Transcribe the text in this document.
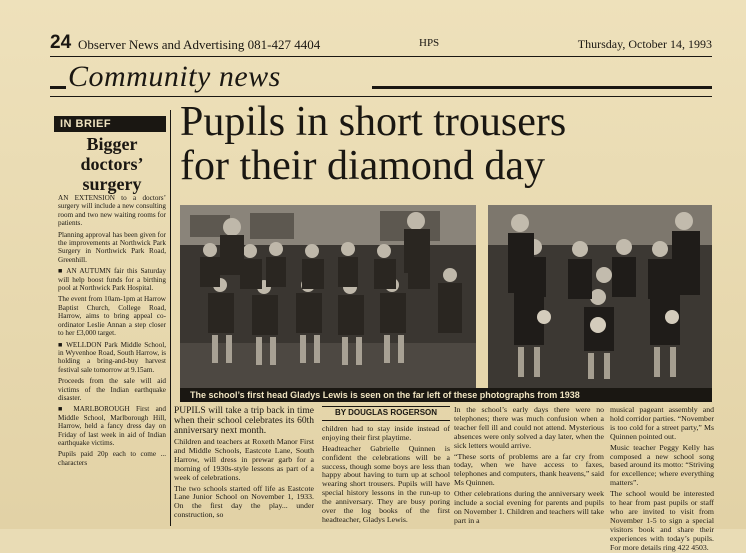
24 Observer News and Advertising 081-427 4404	HPS	Thursday, October 14, 1993
Community news
IN BRIEF
Bigger
doctors’
surgery

AN EXTENSION to a doctors’ surgery will include a new consulting room and two new waiting rooms for patients.

Planning approval has been given for the improvements at Northwick Park Surgery in Northwick Park Road, Greenhill.

■ AN AUTUMN fair this Saturday will help boost funds for a birthing pool at Northwick Park Hospital.

The event from 10am-1pm at Harrow Baptist Church, College Road, Harrow, aims to bring appeal co-ordinator Leslie Annan a step closer to her £3,000 target.

■ WELLDON Park Middle School, in Wyvenhoe Road, South Harrow, is holding a bring-and-buy harvest festival sale tomorrow at 9.15am.

Proceeds from the sale will aid victims of the Indian earthquake disaster.

■ MARLBOROUGH First and Middle School, Marlborough Hill, Harrow, held a fancy dress day on Friday of last week in aid of Indian earthquake victims.

Pupils paid 20p each to come ... characters

Pupils in short trousers
for their diamond day
The school’s first head Gladys Lewis is seen on the far left of these photographs from 1938

PUPILS will take a trip back in time when their school celebrates its 60th anniversary next month.

Children and teachers at Roxeth Manor First and Middle Schools, Eastcote Lane, South Harrow, will dress in prewar garb for a morning of 1930s-style lessons as part of a week of celebrations.

The two schools started off life as Eastcote Lane Junior School on November 1, 1933. On the first day the play... under construction, so

BY DOUGLAS ROGERSON

children had to stay inside instead of enjoying their first playtime.

Headteacher Gabrielle Quinnen is confident the celebrations will be a success, though some boys are less than happy about having to turn up at school wearing short trousers. Pupils will have special history lessons in the run-up to the anniversary. They are busy poring over the log books of the first headteacher, Gladys Lewis.

In the school’s early days there were no telephones; there was much confusion when a teacher fell ill and could not attend. Mysterious absences were only solved a day later, when the sick letters would arrive.

“These sorts of problems are a far cry from today, when we have access to faxes, telephones and computers, thank heavens,” said Ms Quinnen.

Other celebrations during the anniversary week include a social evening for parents and pupils on November 1. Children and teachers will take part in a

musical pageant assembly and hold corridor parties. “November is too cold for a street party,” Ms Quinnen pointed out.

Music teacher Peggy Kelly has composed a new school song based around its motto: “Striving for excellence; where everything matters”.

The school would be interested to hear from past pupils or staff who are invited to visit from November 1-5 to sign a special visitors book and share their experiences with today’s pupils. For more details ring 422 4503.
